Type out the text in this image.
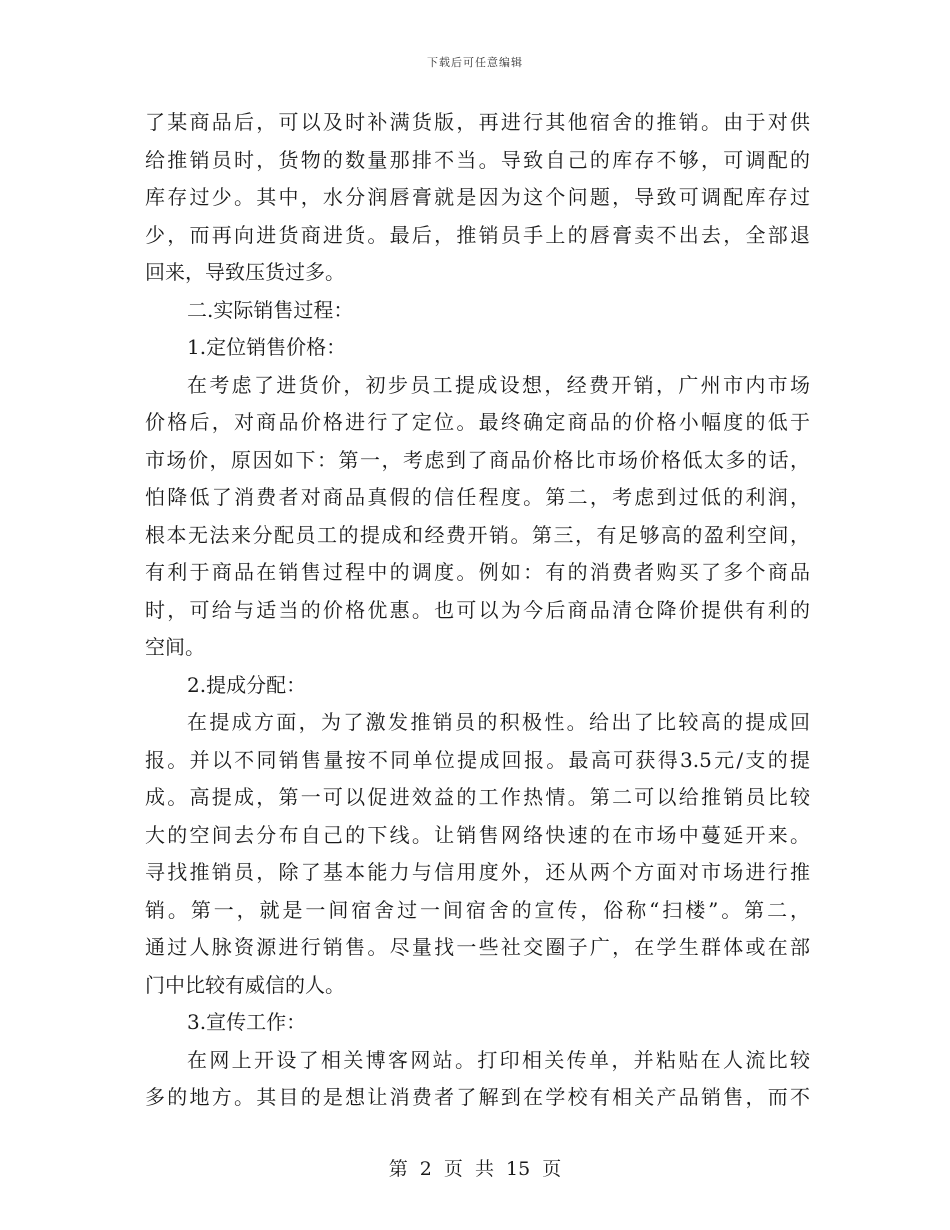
下载后可任意编辑
了某商品后，可以及时补满货版，再进行其他宿舍的推销。由于对供
给推销员时，货物的数量那排不当。导致自己的库存不够，可调配的
库存过少。其中，水分润唇膏就是因为这个问题，导致可调配库存过
少，而再向进货商进货。最后，推销员手上的唇膏卖不出去，全部退
回来，导致压货过多。
二.实际销售过程：
1.定位销售价格：
在考虑了进货价，初步员工提成设想，经费开销，广州市内市场
价格后，对商品价格进行了定位。最终确定商品的价格小幅度的低于
市场价，原因如下：第一，考虑到了商品价格比市场价格低太多的话，
怕降低了消费者对商品真假的信任程度。第二，考虑到过低的利润，
根本无法来分配员工的提成和经费开销。第三，有足够高的盈利空间，
有利于商品在销售过程中的调度。例如：有的消费者购买了多个商品
时，可给与适当的价格优惠。也可以为今后商品清仓降价提供有利的
空间。
2.提成分配：
在提成方面，为了激发推销员的积极性。给出了比较高的提成回
报。并以不同销售量按不同单位提成回报。最高可获得3.5元/支的提
成。高提成，第一可以促进效益的工作热情。第二可以给推销员比较
大的空间去分布自己的下线。让销售网络快速的在市场中蔓延开来。
寻找推销员，除了基本能力与信用度外，还从两个方面对市场进行推
销。第一，就是一间宿舍过一间宿舍的宣传，俗称“扫楼”。第二，
通过人脉资源进行销售。尽量找一些社交圈子广，在学生群体或在部
门中比较有威信的人。
3.宣传工作：
在网上开设了相关博客网站。打印相关传单，并粘贴在人流比较
多的地方。其目的是想让消费者了解到在学校有相关产品销售，而不
第 2 页 共 15 页
